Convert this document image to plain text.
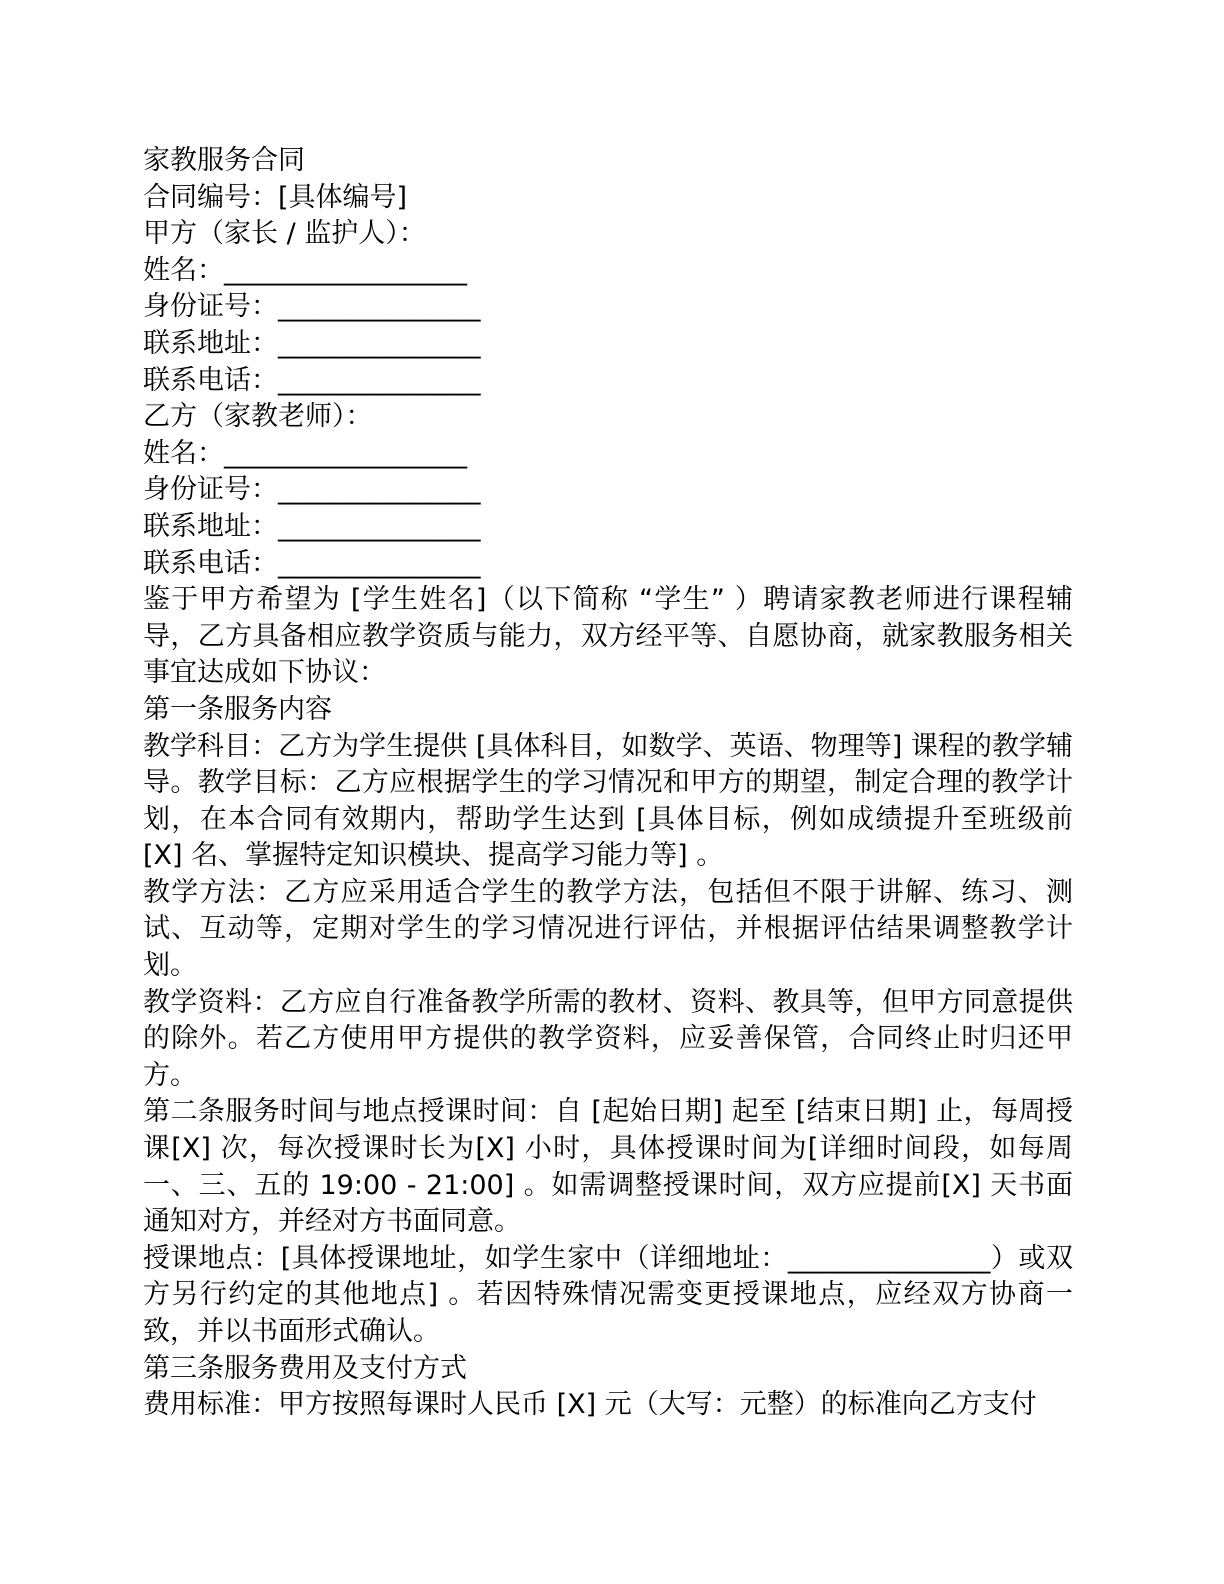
家教服务合同
合同编号：[具体编号]
甲方（家长 / 监护人）：
姓名：__________________
身份证号：_______________
联系地址：_______________
联系电话：_______________
乙方（家教老师）：
姓名：__________________
身份证号：_______________
联系地址：_______________
联系电话：_______________
鉴于甲方希望为 [学生姓名]（以下简称 “学生” ）聘请家教老师进行课程辅导，乙方具备相应教学资质与能力，双方经平等、自愿协商，就家教服务相关事宜达成如下协议：
第一条服务内容
教学科目：乙方为学生提供 [具体科目，如数学、英语、物理等] 课程的教学辅导。教学目标：乙方应根据学生的学习情况和甲方的期望，制定合理的教学计划，在本合同有效期内，帮助学生达到 [具体目标，例如成绩提升至班级前 [X] 名、掌握特定知识模块、提高学习能力等] 。
教学方法：乙方应采用适合学生的教学方法，包括但不限于讲解、练习、测试、互动等，定期对学生的学习情况进行评估，并根据评估结果调整教学计划。
教学资料：乙方应自行准备教学所需的教材、资料、教具等，但甲方同意提供的除外。若乙方使用甲方提供的教学资料，应妥善保管，合同终止时归还甲方。
第二条服务时间与地点授课时间：自 [起始日期] 起至 [结束日期] 止，每周授课[X] 次，每次授课时长为[X] 小时，具体授课时间为[详细时间段，如每周一、三、五的 19:00 - 21:00] 。如需调整授课时间，双方应提前[X] 天书面通知对方，并经对方书面同意。
授课地点：[具体授课地址，如学生家中（详细地址：_______________）或双方另行约定的其他地点] 。若因特殊情况需变更授课地点，应经双方协商一致，并以书面形式确认。
第三条服务费用及支付方式
费用标准：甲方按照每课时人民币 [X] 元（大写：元整）的标准向乙方支付
